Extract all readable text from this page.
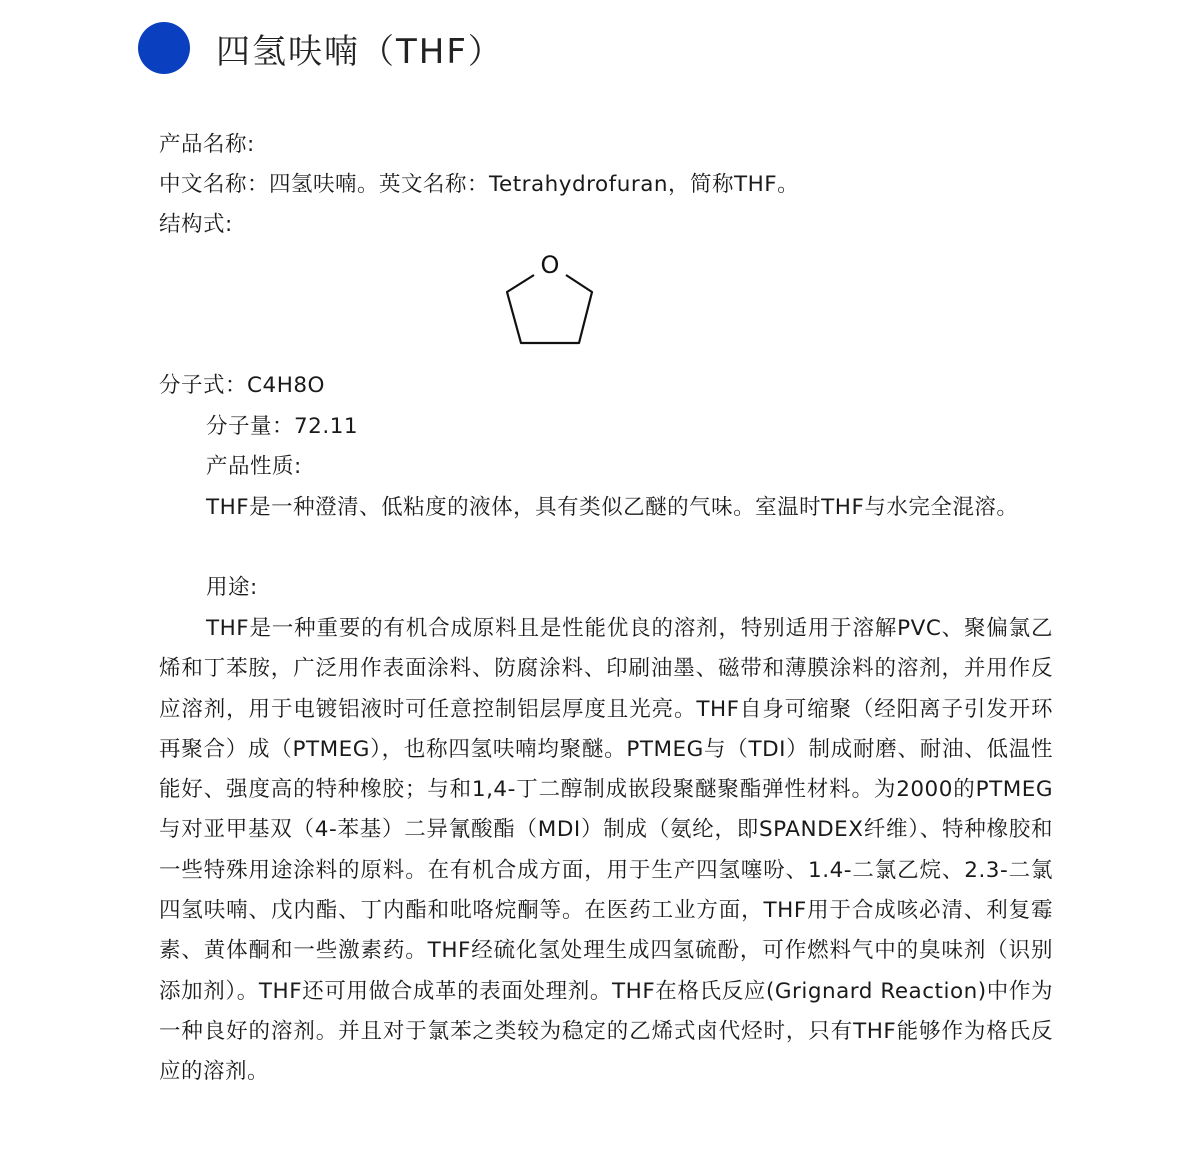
四氢呋喃（THF）
产品名称:
中文名称：四氢呋喃。英文名称：Tetrahydrofuran，简称THF。
结构式:
O
分子式：C4H8O
分子量：72.11
产品性质:
THF是一种澄清、低粘度的液体，具有类似乙醚的气味。室温时THF与水完全混溶。
用途:
THF是一种重要的有机合成原料且是性能优良的溶剂，特别适用于溶解PVC、聚偏氯乙烯和丁苯胺，广泛用作表面涂料、防腐涂料、印刷油墨、磁带和薄膜涂料的溶剂，并用作反应溶剂，用于电镀铝液时可任意控制铝层厚度且光亮。THF自身可缩聚（经阳离子引发开环再聚合）成（PTMEG），也称四氢呋喃均聚醚。PTMEG与（TDI）制成耐磨、耐油、低温性能好、强度高的特种橡胶；与和1,4-丁二醇制成嵌段聚醚聚酯弹性材料。为2000的PTMEG与对亚甲基双（4-苯基）二异氰酸酯（MDI）制成（氨纶，即SPANDEX纤维）、特种橡胶和一些特殊用途涂料的原料。在有机合成方面，用于生产四氢噻吩、1.4-二氯乙烷、2.3-二氯四氢呋喃、戊内酯、丁内酯和吡咯烷酮等。在医药工业方面，THF用于合成咳必清、利复霉素、黄体酮和一些激素药。THF经硫化氢处理生成四氢硫酚，可作燃料气中的臭味剂（识别添加剂）。THF还可用做合成革的表面处理剂。THF在格氏反应(Grignard Reaction)中作为一种良好的溶剂。并且对于氯苯之类较为稳定的乙烯式卤代烃时，只有THF能够作为格氏反应的溶剂。
